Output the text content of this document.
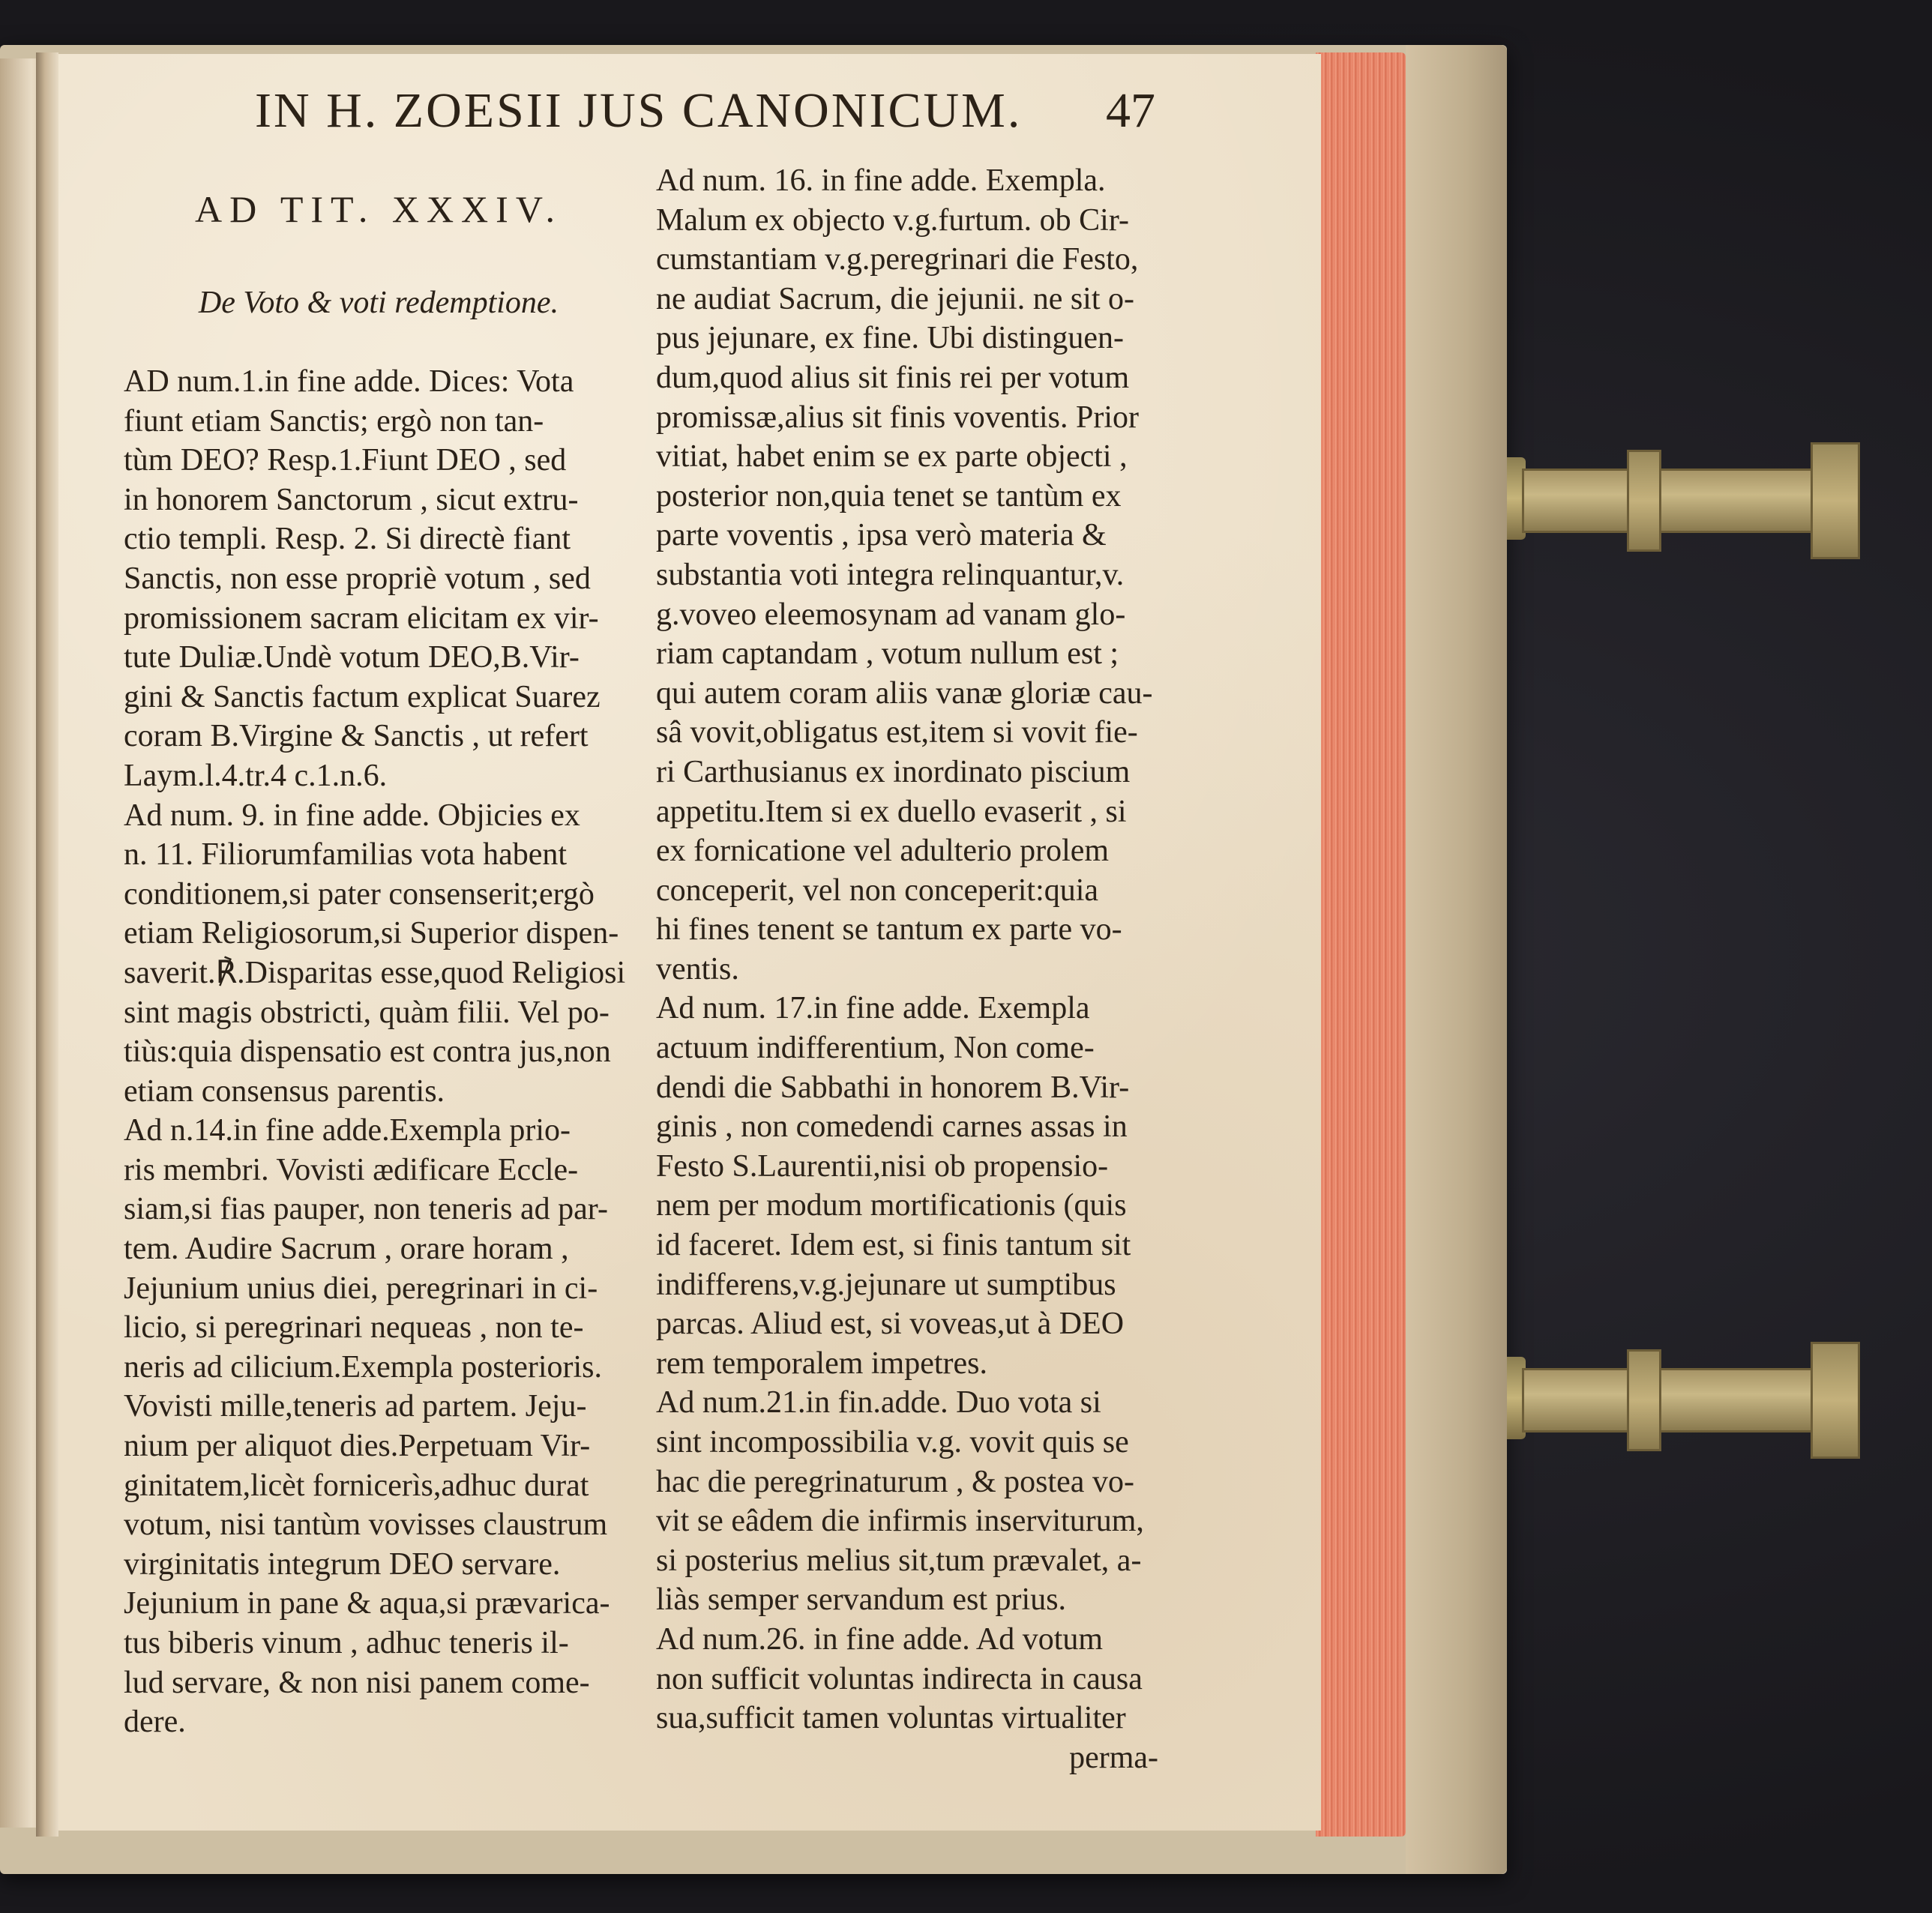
IN H. ZOESII JUS CANONICUM.	47
AD TIT. XXXIV.
De Voto & voti redemptione.
AD num.1.in fine adde. Dices: Vota
fiunt etiam Sanctis; ergò non tan-
tùm DEO? Resp.1.Fiunt DEO , sed
in honorem Sanctorum , sicut extru-
ctio templi. Resp. 2. Si directè fiant
Sanctis, non esse propriè votum , sed
promissionem sacram elicitam ex vir-
tute Duliæ.Undè votum DEO,B.Vir-
gini & Sanctis factum explicat Suarez
coram B.Virgine & Sanctis , ut refert
Laym.l.4.tr.4 c.1.n.6.
Ad num. 9. in fine adde. Objicies ex
n. 11. Filiorumfamilias vota habent
conditionem,si pater consenserit;ergò
etiam Religiosorum,si Superior dispen-
saverit.℟.Disparitas esse,quod Religiosi
sint magis obstricti, quàm filii. Vel po-
tiùs:quia dispensatio est contra jus,non
etiam consensus parentis.
Ad n.14.in fine adde.Exempla prio-
ris membri. Vovisti ædificare Eccle-
siam,si fias pauper, non teneris ad par-
tem. Audire Sacrum , orare horam ,
Jejunium unius diei, peregrinari in ci-
licio, si peregrinari nequeas , non te-
neris ad cilicium.Exempla posterioris.
Vovisti mille,teneris ad partem. Jeju-
nium per aliquot dies.Perpetuam Vir-
ginitatem,licèt fornicerìs,adhuc durat
votum, nisi tantùm vovisses claustrum
virginitatis integrum DEO servare.
Jejunium in pane & aqua,si prævarica-
tus biberis vinum , adhuc teneris il-
lud servare, & non nisi panem come-
dere.
Ad num. 16. in fine adde. Exempla.
Malum ex objecto v.g.furtum. ob Cir-
cumstantiam v.g.peregrinari die Festo,
ne audiat Sacrum, die jejunii. ne sit o-
pus jejunare, ex fine. Ubi distinguen-
dum,quod alius sit finis rei per votum
promissæ,alius sit finis voventis. Prior
vitiat, habet enim se ex parte objecti ,
posterior non,quia tenet se tantùm ex
parte voventis , ipsa verò materia &
substantia voti integra relinquantur,v.
g.voveo eleemosynam ad vanam glo-
riam captandam , votum nullum est ;
qui autem coram aliis vanæ gloriæ cau-
sâ vovit,obligatus est,item si vovit fie-
ri Carthusianus ex inordinato piscium
appetitu.Item si ex duello evaserit , si
ex fornicatione vel adulterio prolem
conceperit, vel non conceperit:quia
hi fines tenent se tantum ex parte vo-
ventis.
Ad num. 17.in fine adde. Exempla
actuum indifferentium, Non come-
dendi die Sabbathi in honorem B.Vir-
ginis , non comedendi carnes assas in
Festo S.Laurentii,nisi ob propensio-
nem per modum mortificationis (quis
id faceret. Idem est, si finis tantum sit
indifferens,v.g.jejunare ut sumptibus
parcas. Aliud est, si voveas,ut à DEO
rem temporalem impetres.
Ad num.21.in fin.adde. Duo vota si
sint incompossibilia v.g. vovit quis se
hac die peregrinaturum , & postea vo-
vit se eâdem die infirmis inserviturum,
si posterius melius sit,tum prævalet, a-
liàs semper servandum est prius.
Ad num.26. in fine adde. Ad votum
non sufficit voluntas indirecta in causa
sua,sufficit tamen voluntas virtualiter
perma-
